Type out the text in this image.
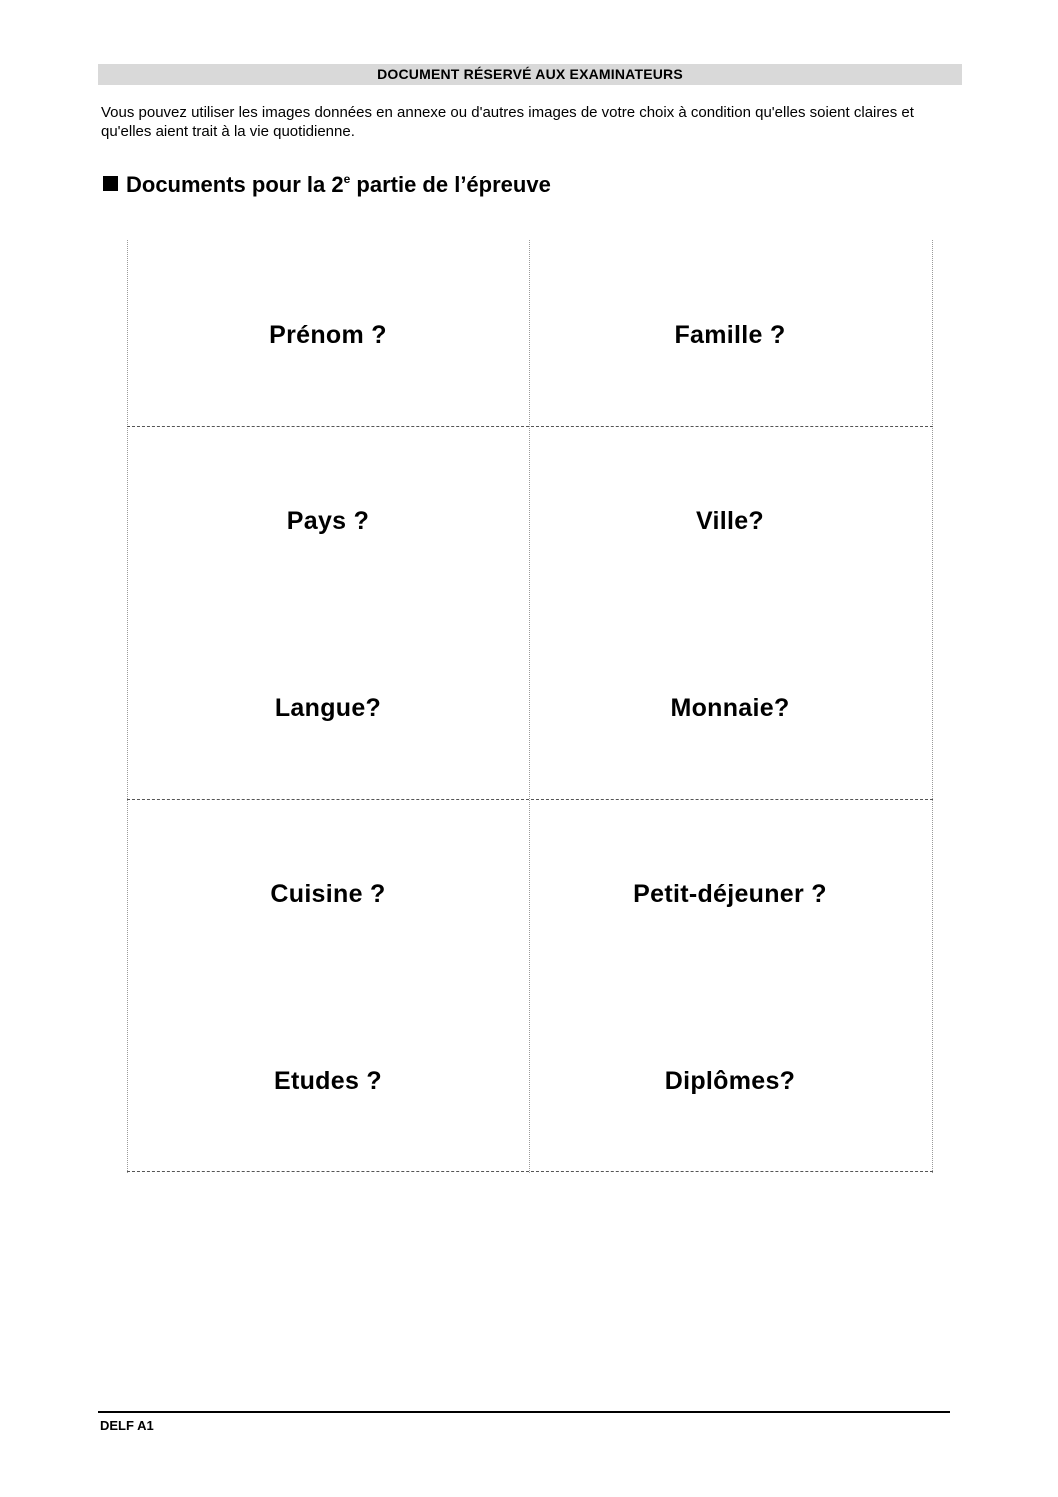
DOCUMENT RÉSERVÉ AUX EXAMINATEURS
Vous pouvez utiliser les images données en annexe ou d'autres images de votre choix à condition qu'elles soient claires et qu'elles aient trait à la vie quotidienne.
Documents pour la 2e partie de l’épreuve
Prénom ?	Famille ?
Pays ?	Ville?
Langue?	Monnaie?
Cuisine ?	Petit-déjeuner ?
Etudes ?	Diplômes?
DELF A1
